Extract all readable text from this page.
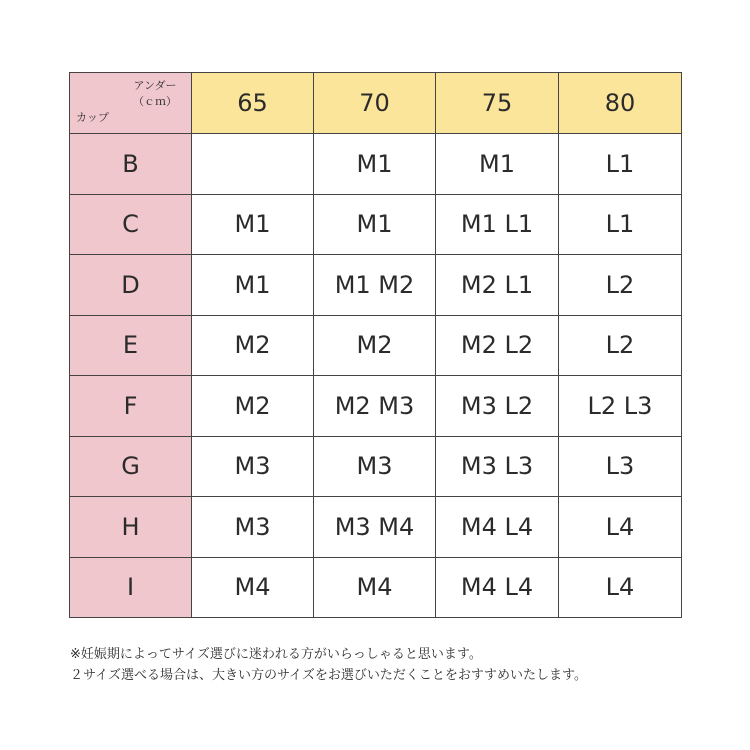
アンダー
（ｃｍ）
カップ	65	70	75	80
B		M1	M1	L1
C	M1	M1	M1 L1	L1
D	M1	M1 M2	M2 L1	L2
E	M2	M2	M2 L2	L2
F	M2	M2 M3	M3 L2	L2 L3
G	M3	M3	M3 L3	L3
H	M3	M3 M4	M4 L4	L4
I	M4	M4	M4 L4	L4
※妊娠期によってサイズ選びに迷われる方がいらっしゃると思います。
２サイズ選べる場合は、大きい方のサイズをお選びいただくことをおすすめいたします。
